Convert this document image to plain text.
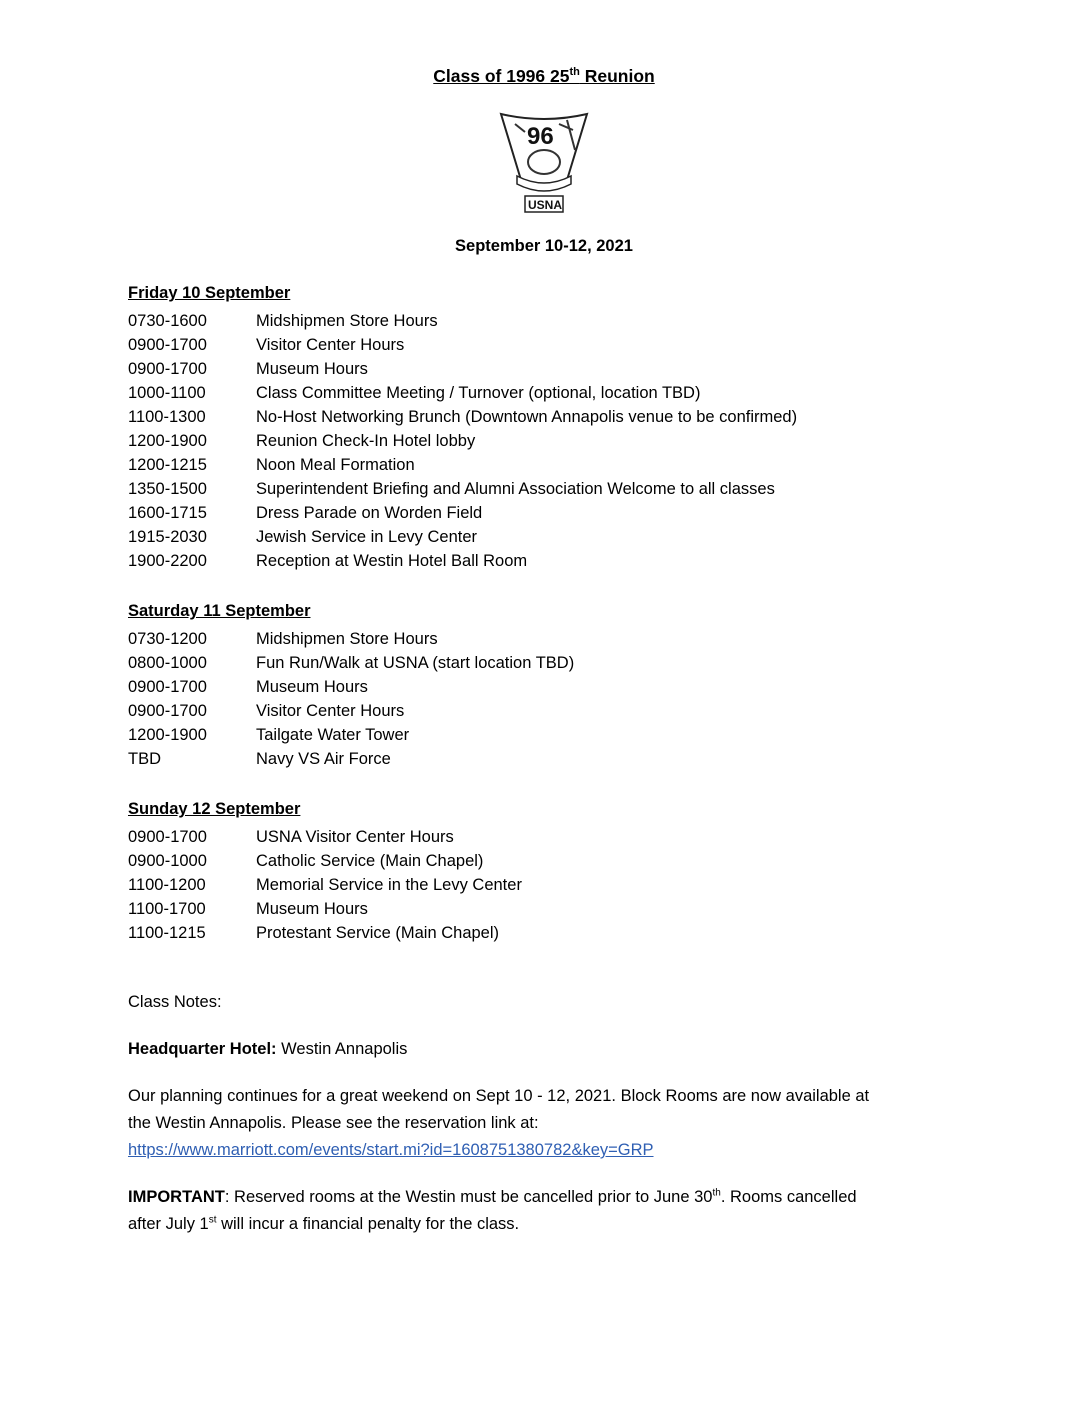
Class of 1996 25th Reunion
96
USNA
September 10-12, 2021
Friday 10 September
0730-1600	Midshipmen Store Hours
0900-1700	Visitor Center Hours
0900-1700	Museum Hours
1000-1100	Class Committee Meeting / Turnover (optional, location TBD)
1100-1300	No-Host Networking Brunch (Downtown Annapolis venue to be confirmed)
1200-1900	Reunion Check-In Hotel lobby
1200-1215	Noon Meal Formation
1350-1500	Superintendent Briefing and Alumni Association Welcome to all classes
1600-1715	Dress Parade on Worden Field
1915-2030	Jewish Service in Levy Center
1900-2200	Reception at Westin Hotel Ball Room
Saturday 11 September
0730-1200	Midshipmen Store Hours
0800-1000	Fun Run/Walk at USNA (start location TBD)
0900-1700	Museum Hours
0900-1700	Visitor Center Hours
1200-1900	Tailgate Water Tower
TBD	Navy VS Air Force
Sunday 12 September
0900-1700	USNA Visitor Center Hours
0900-1000	Catholic Service (Main Chapel)
1100-1200	Memorial Service in the Levy Center
1100-1700	Museum Hours
1100-1215	Protestant Service (Main Chapel)
Class Notes:
Headquarter Hotel: Westin Annapolis
Our planning continues for a great weekend on Sept 10 - 12, 2021. Block Rooms are now available at
the Westin Annapolis. Please see the reservation link at:
https://www.marriott.com/events/start.mi?id=1608751380782&key=GRP
IMPORTANT: Reserved rooms at the Westin must be cancelled prior to June 30th. Rooms cancelled
after July 1st will incur a financial penalty for the class.
